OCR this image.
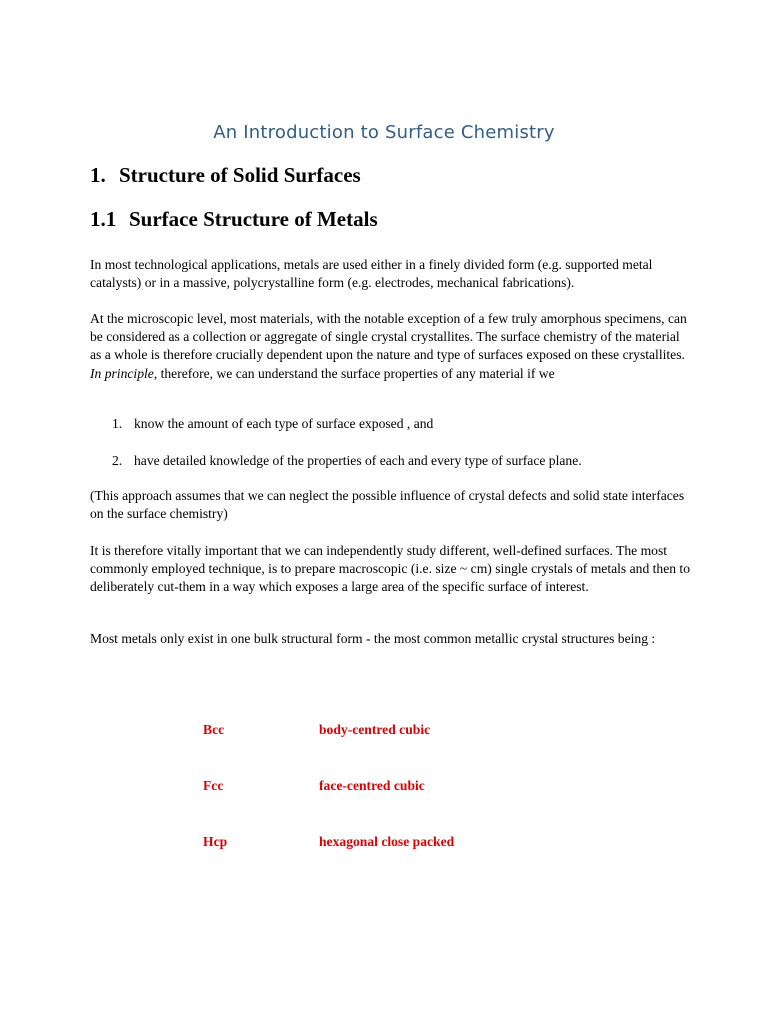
An Introduction to Surface Chemistry
1. Structure of Solid Surfaces
1.1 Surface Structure of Metals

In most technological applications, metals are used either in a finely divided form (e.g. supported metal catalysts) or in a massive, polycrystalline form (e.g. electrodes, mechanical fabrications).

At the microscopic level, most materials, with the notable exception of a few truly amorphous specimens, can be considered as a collection or aggregate of single crystal crystallites. The surface chemistry of the material as a whole is therefore crucially dependent upon the nature and type of surfaces exposed on these crystallites. In principle, therefore, we can understand the surface properties of any material if we

1. know the amount of each type of surface exposed , and
2. have detailed knowledge of the properties of each and every type of surface plane.

(This approach assumes that we can neglect the possible influence of crystal defects and solid state interfaces on the surface chemistry)

It is therefore vitally important that we can independently study different, well-defined surfaces. The most commonly employed technique, is to prepare macroscopic (i.e. size ~ cm) single crystals of metals and then to deliberately cut-them in a way which exposes a large area of the specific surface of interest.

Most metals only exist in one bulk structural form - the most common metallic crystal structures being :

Bcc	body-centred cubic
Fcc	face-centred cubic
Hcp	hexagonal close packed
